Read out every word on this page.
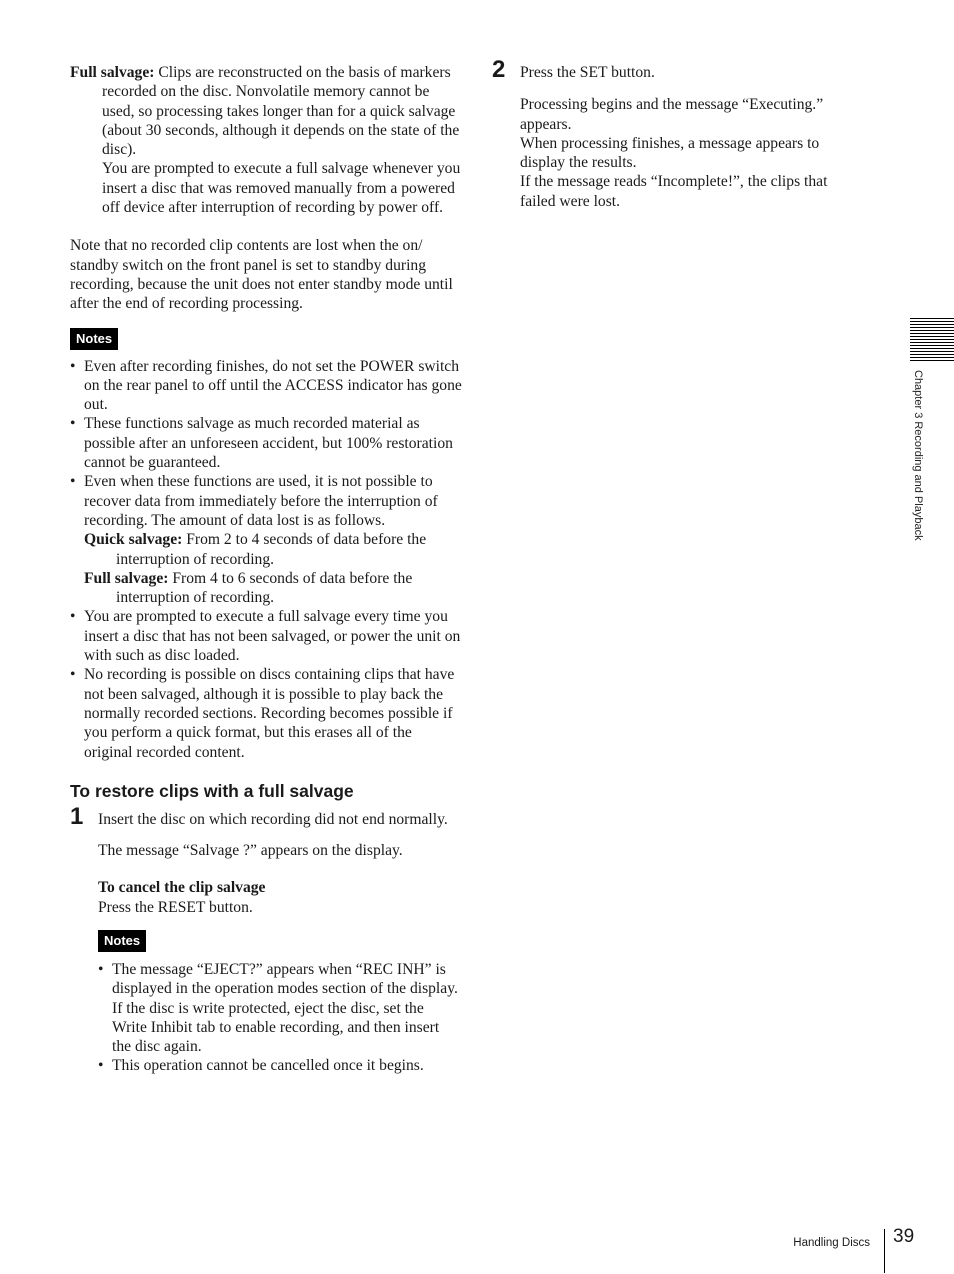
Full salvage: Clips are reconstructed on the basis of markers recorded on the disc. Nonvolatile memory cannot be used, so processing takes longer than for a quick salvage (about 30 seconds, although it depends on the state of the disc).

You are prompted to execute a full salvage whenever you insert a disc that was removed manually from a powered off device after interruption of recording by power off.

Note that no recorded clip contents are lost when the on/ standby switch on the front panel is set to standby during recording, because the unit does not enter standby mode until after the end of recording processing.

Notes
• Even after recording finishes, do not set the POWER switch on the rear panel to off until the ACCESS indicator has gone out.
• These functions salvage as much recorded material as possible after an unforeseen accident, but 100% restoration cannot be guaranteed.
• Even when these functions are used, it is not possible to recover data from immediately before the interruption of recording. The amount of data lost is as follows.

Quick salvage: From 2 to 4 seconds of data before the interruption of recording.

Full salvage: From 4 to 6 seconds of data before the interruption of recording.

• You are prompted to execute a full salvage every time you insert a disc that has not been salvaged, or power the unit on with such as disc loaded.
• No recording is possible on discs containing clips that have not been salvaged, although it is possible to play back the normally recorded sections. Recording becomes possible if you perform a quick format, but this erases all of the original recorded content.
To restore clips with a full salvage
1 Insert the disc on which recording did not end normally.

The message “Salvage ?” appears on the display.

To cancel the clip salvage

Press the RESET button.

Notes
• The message “EJECT?” appears when “REC INH” is displayed in the operation modes section of the display. If the disc is write protected, eject the disc, set the Write Inhibit tab to enable recording, and then insert the disc again.
• This operation cannot be cancelled once it begins.
2 Press the SET button.

Processing begins and the message “Executing.” appears.

When processing finishes, a message appears to display the results.

If the message reads “Incomplete!”, the clips that failed were lost.

Chapter 3 Recording and Playback
Handling Discs 39
